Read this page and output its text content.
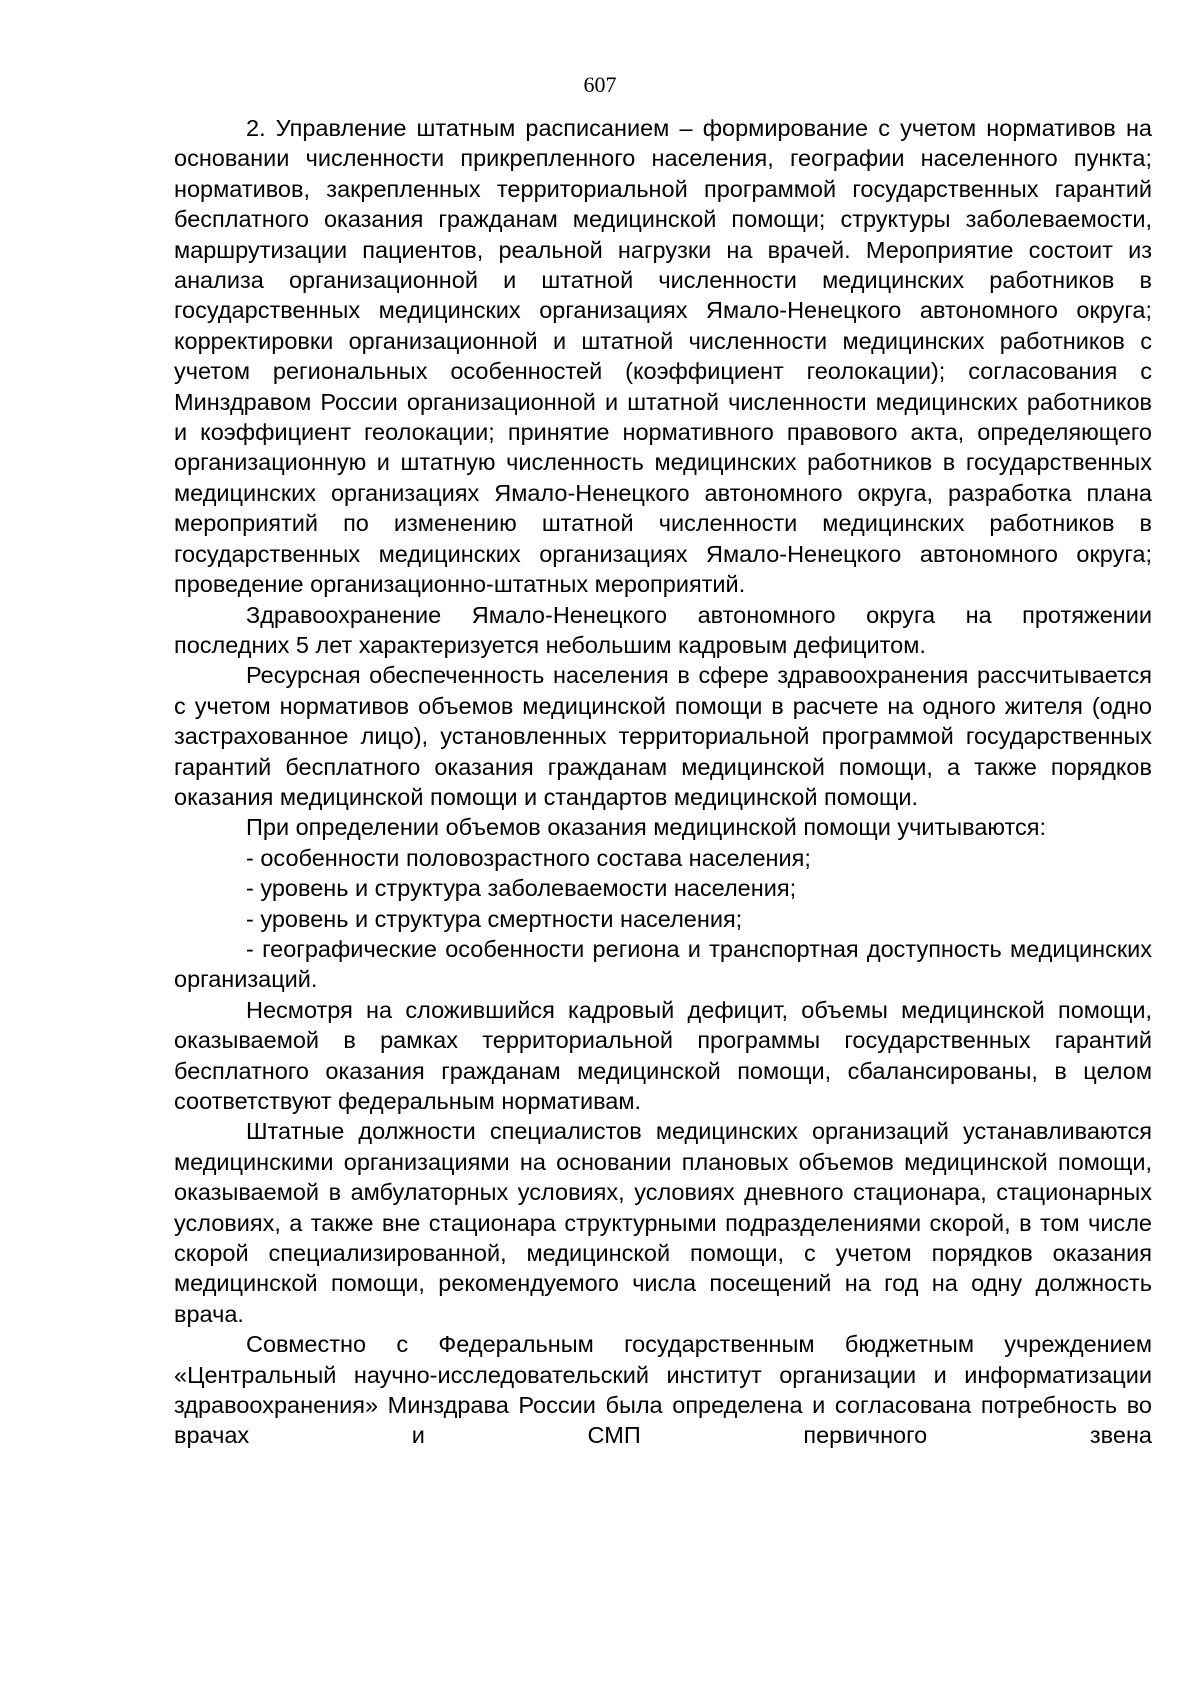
607

2. Управление штатным расписанием – формирование с учетом нормативов на основании численности прикрепленного населения, географии населенного пункта; нормативов, закрепленных территориальной программой государственных гарантий бесплатного оказания гражданам медицинской помощи; структуры заболеваемости, маршрутизации пациентов, реальной нагрузки на врачей. Мероприятие состоит из анализа организационной и штатной численности медицинских работников в государственных медицинских организациях Ямало-Ненецкого автономного округа; корректировки организационной и штатной численности медицинских работников с учетом региональных особенностей (коэффициент геолокации); согласования с Минздравом России организационной и штатной численности медицинских работников и коэффициент геолокации; принятие нормативного правового акта, определяющего организационную и штатную численность медицинских работников в государственных медицинских организациях Ямало-Ненецкого автономного округа, разработка плана мероприятий по изменению штатной численности медицинских работников в государственных медицинских организациях Ямало-Ненецкого автономного округа; проведение организационно-штатных мероприятий.

Здравоохранение Ямало-Ненецкого автономного округа на протяжении последних 5 лет характеризуется небольшим кадровым дефицитом.

Ресурсная обеспеченность населения в сфере здравоохранения рассчитывается с учетом нормативов объемов медицинской помощи в расчете на одного жителя (одно застрахованное лицо), установленных территориальной программой государственных гарантий бесплатного оказания гражданам медицинской помощи, а также порядков оказания медицинской помощи и стандартов медицинской помощи.

При определении объемов оказания медицинской помощи учитываются:

- особенности половозрастного состава населения;

- уровень и структура заболеваемости населения;

- уровень и структура смертности населения;

- географические особенности региона и транспортная доступность медицинских организаций.

Несмотря на сложившийся кадровый дефицит, объемы медицинской помощи, оказываемой в рамках территориальной программы государственных гарантий бесплатного оказания гражданам медицинской помощи, сбалансированы, в целом соответствуют федеральным нормативам.

Штатные должности специалистов медицинских организаций устанавливаются медицинскими организациями на основании плановых объемов медицинской помощи, оказываемой в амбулаторных условиях, условиях дневного стационара, стационарных условиях, а также вне стационара структурными подразделениями скорой, в том числе скорой специализированной, медицинской помощи, с учетом порядков оказания медицинской помощи, рекомендуемого числа посещений на год на одну должность врача.

Совместно с Федеральным государственным бюджетным учреждением «Центральный научно-исследовательский институт организации и информатизации здравоохранения» Минздрава России была определена и согласована потребность во врачах и СМП первичного звена
